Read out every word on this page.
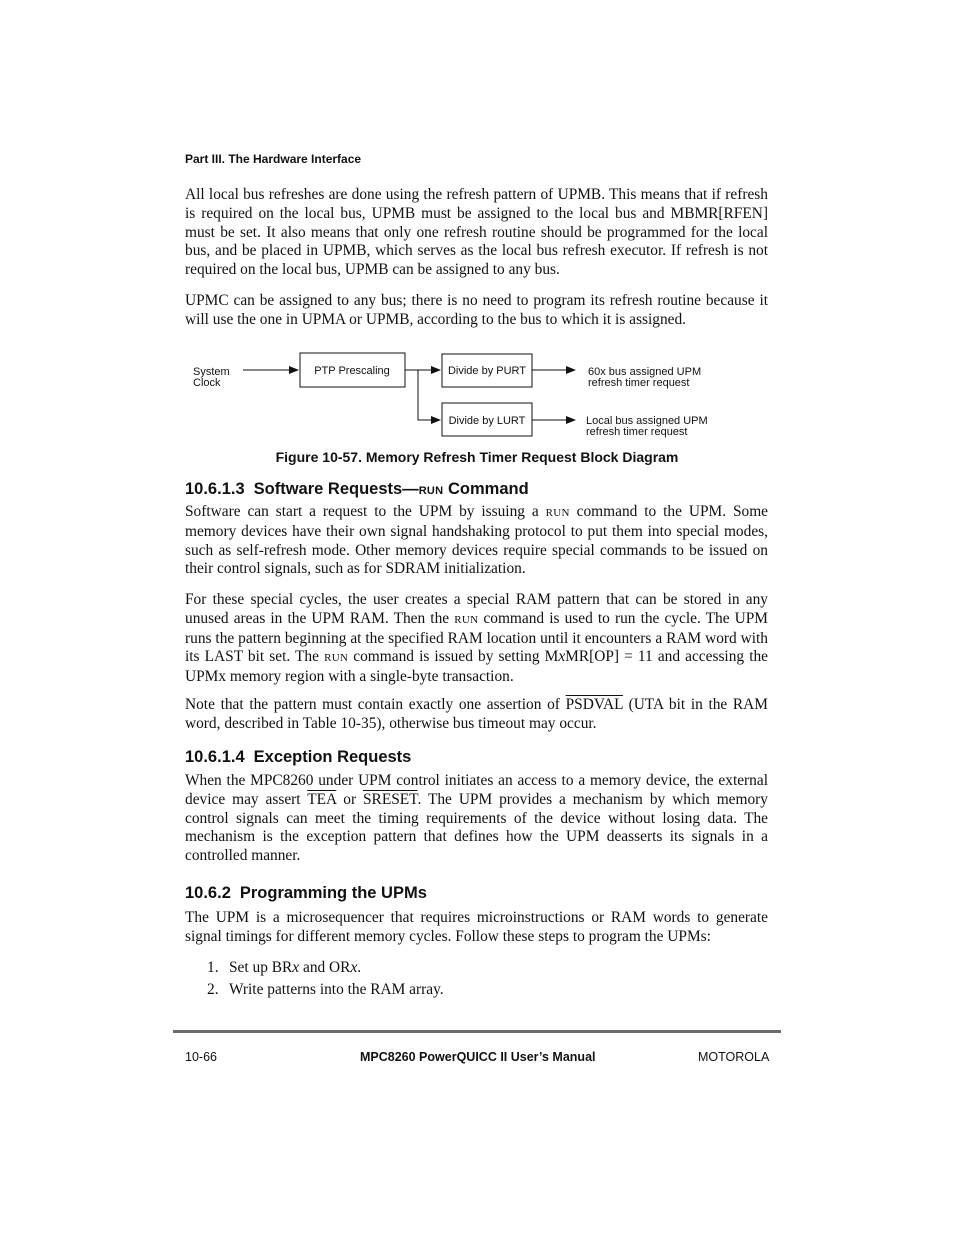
Part III. The Hardware Interface

All local bus refreshes are done using the refresh pattern of UPMB. This means that if refresh is required on the local bus, UPMB must be assigned to the local bus and MBMR[RFEN] must be set. It also means that only one refresh routine should be programmed for the local bus, and be placed in UPMB, which serves as the local bus refresh executor. If refresh is not required on the local bus, UPMB can be assigned to any bus.

UPMC can be assigned to any bus; there is no need to program its refresh routine because it will use the one in UPMA or UPMB, according to the bus to which it is assigned.

System
Clock
PTP Prescaling	Divide by PURT
Divide by LURT
60x bus assigned UPM
refresh timer request
Local bus assigned UPM
refresh timer request
Figure 10-57. Memory Refresh Timer Request Block Diagram
10.6.1.3 Software Requests—RUN Command

Software can start a request to the UPM by issuing a RUN command to the UPM. Some memory devices have their own signal handshaking protocol to put them into special modes, such as self-refresh mode. Other memory devices require special commands to be issued on their control signals, such as for SDRAM initialization.

For these special cycles, the user creates a special RAM pattern that can be stored in any unused areas in the UPM RAM. Then the RUN command is used to run the cycle. The UPM runs the pattern beginning at the specified RAM location until it encounters a RAM word with its LAST bit set. The RUN command is issued by setting MxMR[OP] = 11 and accessing the UPMx memory region with a single-byte transaction.

Note that the pattern must contain exactly one assertion of PSDVAL (UTA bit in the RAM word, described in Table 10-35), otherwise bus timeout may occur.

10.6.1.4 Exception Requests

When the MPC8260 under UPM control initiates an access to a memory device, the external device may assert $\overline{TEA}$ or SRESET. The UPM provides a mechanism by which memory control signals can meet the timing requirements of the device without losing data. The mechanism is the exception pattern that defines how the UPM deasserts its signals in a controlled manner.

10.6.2 Programming the UPMs

The UPM is a microsequencer that requires microinstructions or RAM words to generate signal timings for different memory cycles. Follow these steps to program the UPMs:

1. Set up BRx and ORx.
2. Write patterns into the RAM array.
10-66	MPC8260 PowerQUICC II User’s Manual	MOTOROLA
